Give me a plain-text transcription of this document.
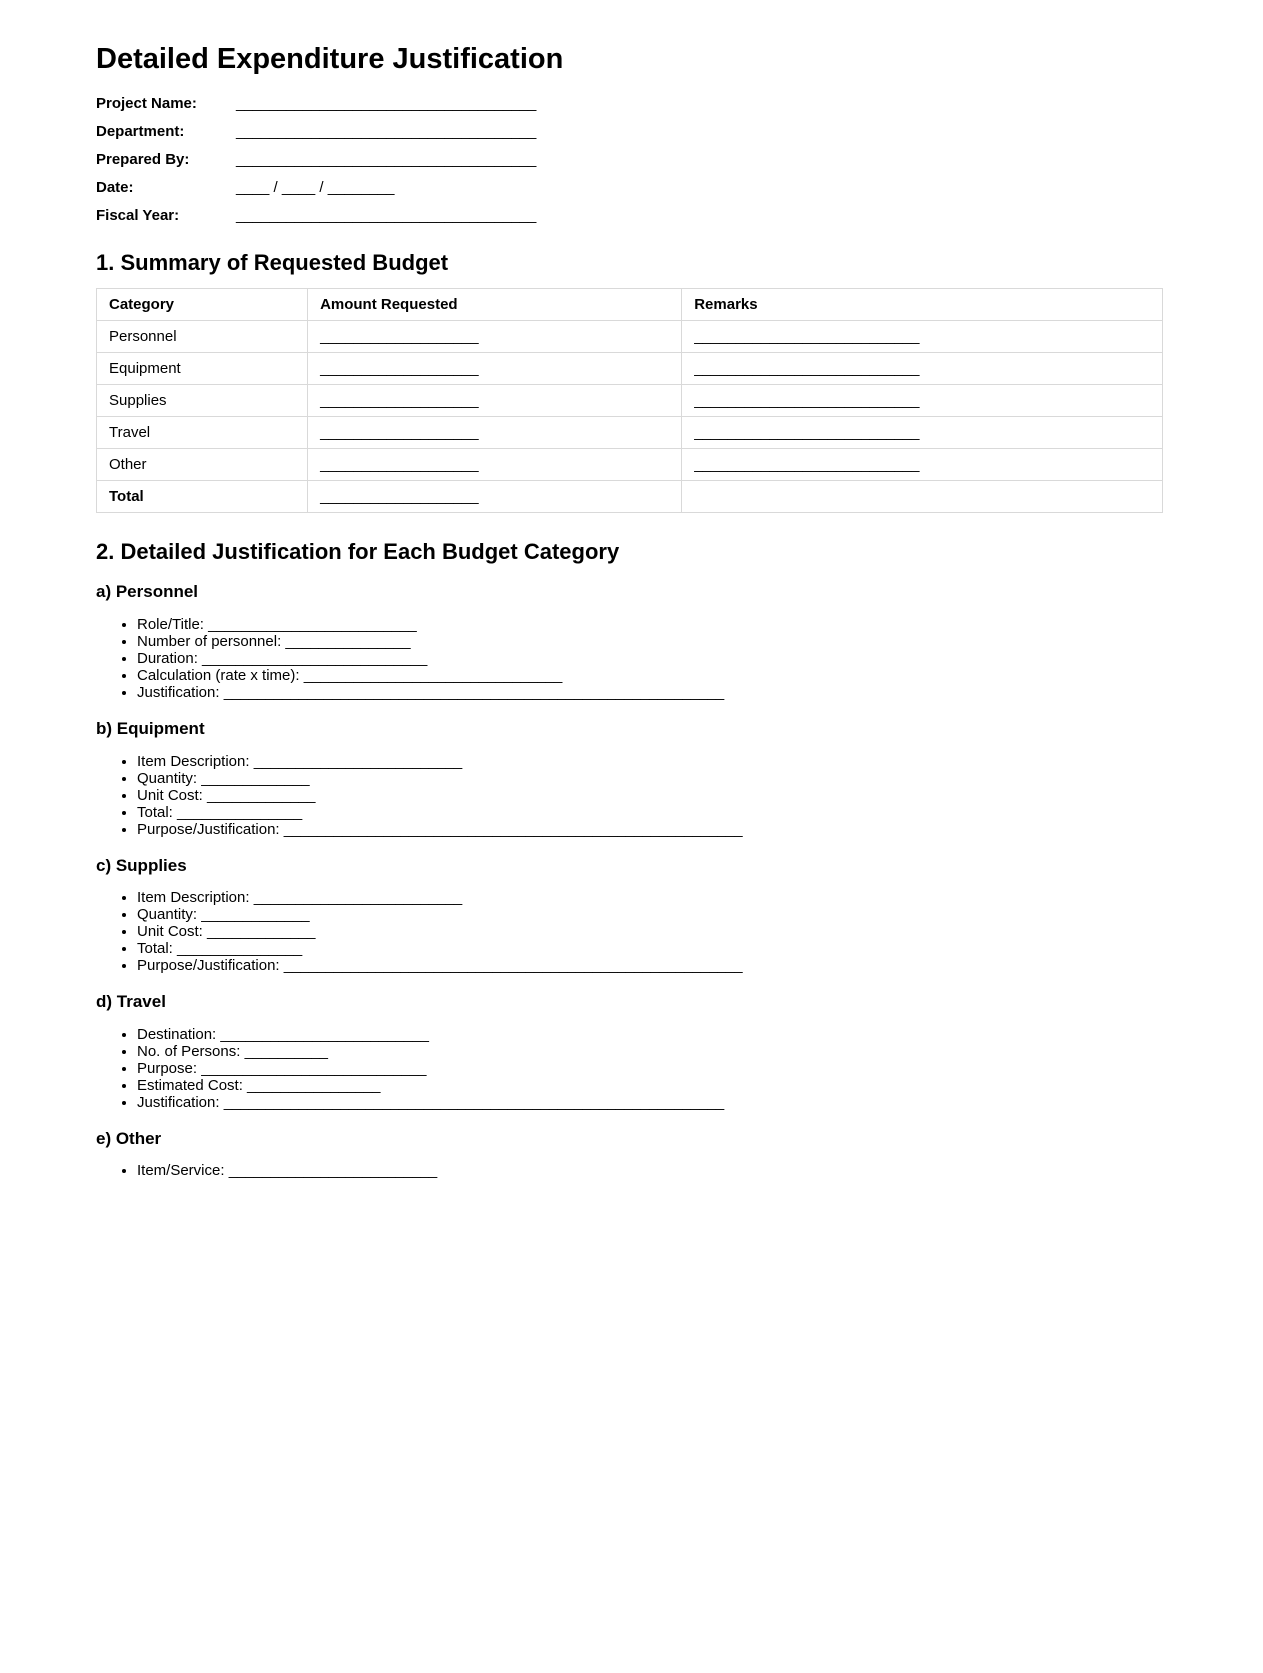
Detailed Expenditure Justification
Project Name:	____________________________________
Department:	____________________________________
Prepared By:	____________________________________
Date:	____ / ____ / ________
Fiscal Year:	____________________________________
1. Summary of Requested Budget
Category	Amount Requested	Remarks
Personnel	___________________	___________________________
Equipment	___________________	___________________________
Supplies	___________________	___________________________
Travel	___________________	___________________________
Other	___________________	___________________________
Total	___________________	
2. Detailed Justification for Each Budget Category
a) Personnel
• Role/Title: _________________________
• Number of personnel: _______________
• Duration: ___________________________
• Calculation (rate x time): _______________________________
• Justification: ____________________________________________________________
b) Equipment
• Item Description: _________________________
• Quantity: _____________
• Unit Cost: _____________
• Total: _______________
• Purpose/Justification: _______________________________________________________
c) Supplies
• Item Description: _________________________
• Quantity: _____________
• Unit Cost: _____________
• Total: _______________
• Purpose/Justification: _______________________________________________________
d) Travel
• Destination: _________________________
• No. of Persons: __________
• Purpose: ___________________________
• Estimated Cost: ________________
• Justification: ____________________________________________________________
e) Other
• Item/Service: _________________________
